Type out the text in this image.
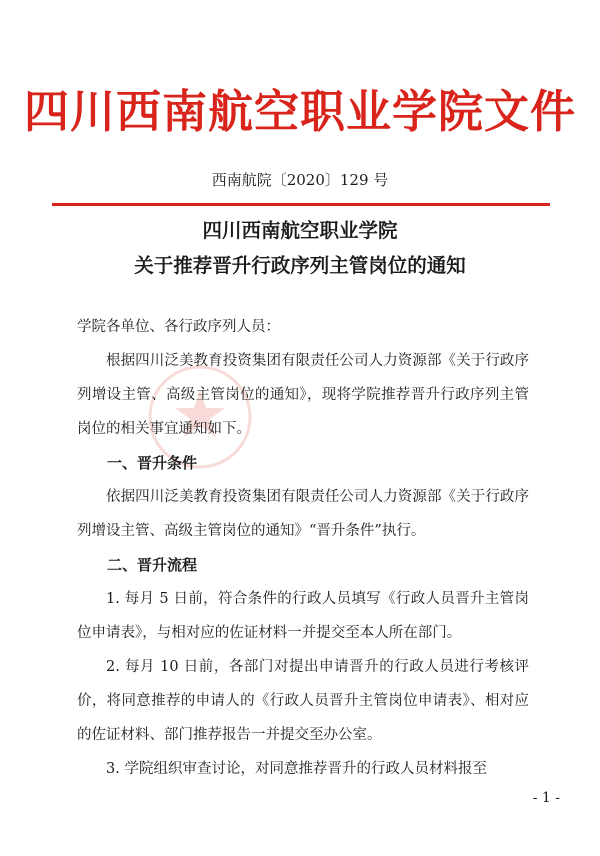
四川西南航空职业学院文件
西南航院〔2020〕129 号
四川西南航空职业学院
关于推荐晋升行政序列主管岗位的通知

学院各单位、各行政序列人员：

根据四川泛美教育投资集团有限责任公司人力资源部《关于行政序列增设主管、高级主管岗位的通知》，现将学院推荐晋升行政序列主管岗位的相关事宜通知如下。

一、晋升条件

依据四川泛美教育投资集团有限责任公司人力资源部《关于行政序列增设主管、高级主管岗位的通知》“晋升条件”执行。

二、晋升流程

1. 每月 5 日前，符合条件的行政人员填写《行政人员晋升主管岗位申请表》，与相对应的佐证材料一并提交至本人所在部门。

2. 每月 10 日前，各部门对提出申请晋升的行政人员进行考核评价，将同意推荐的申请人的《行政人员晋升主管岗位申请表》、相对应的佐证材料、部门推荐报告一并提交至办公室。

3. 学院组织审查讨论，对同意推荐晋升的行政人员材料报至

- 1 -
